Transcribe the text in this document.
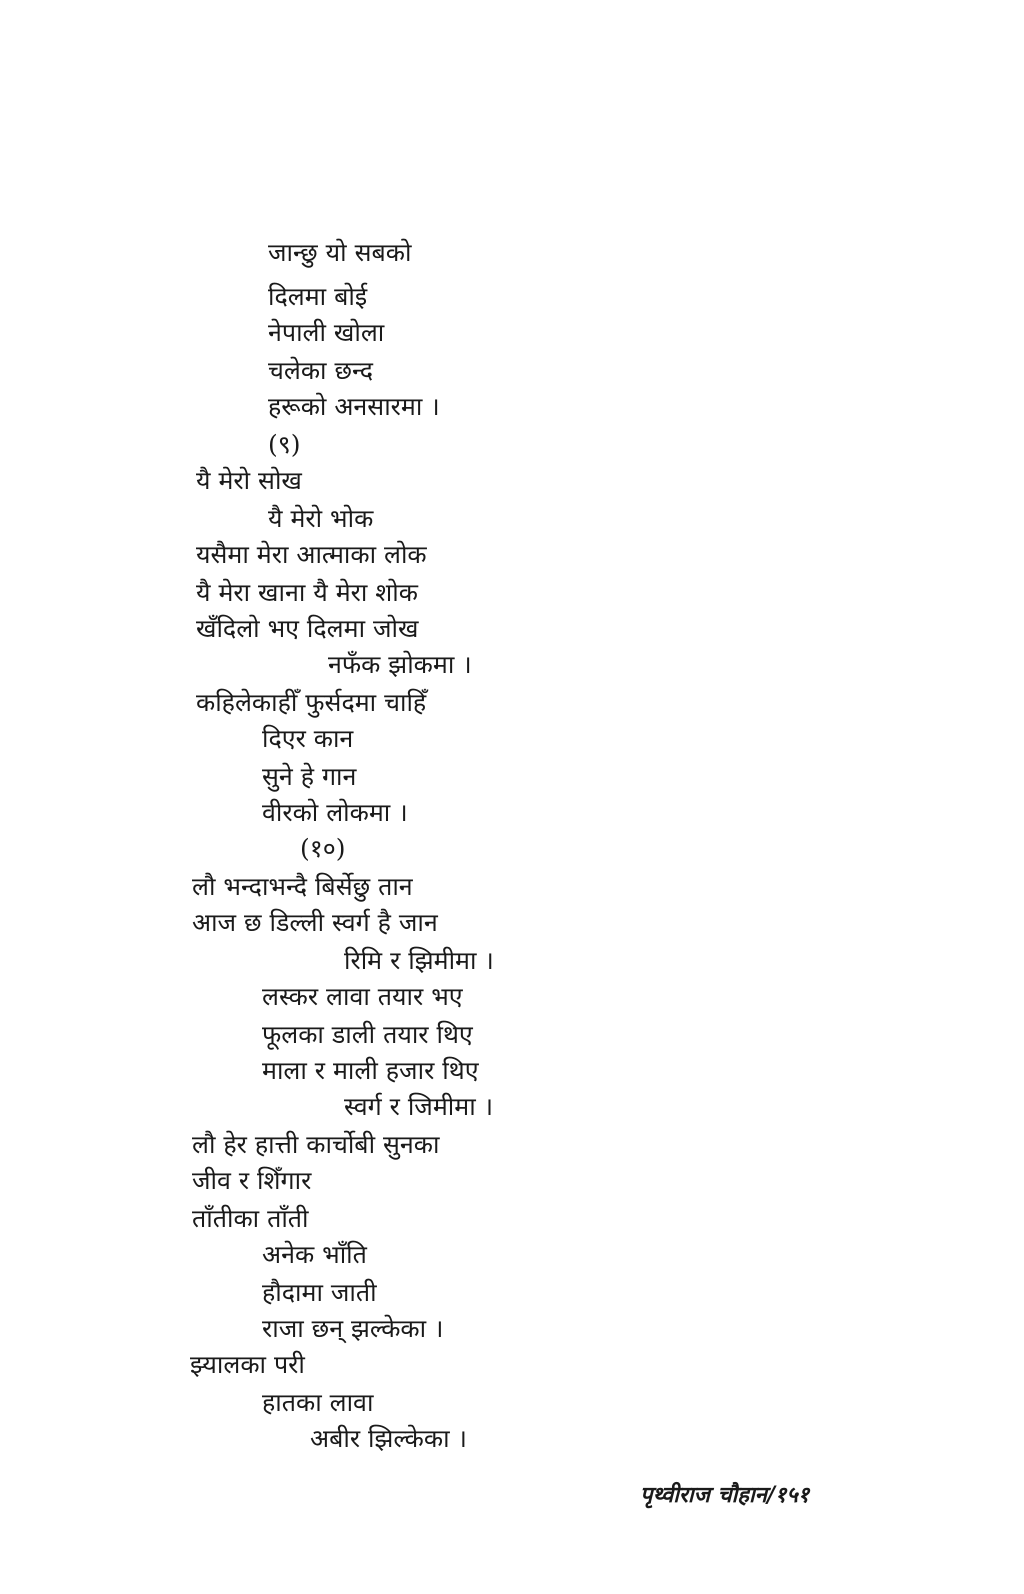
जान्छु यो सबको
दिलमा बोई
नेपाली खोला
चलेका छन्द
हरूको अनसारमा ।
(९)
यै मेरो सोख
यै मेरो भोक
यसैमा मेरा आत्माका लोक
यै मेरा खाना यै मेरा शोक
खँदिलो भए दिलमा जोख
नफँक झोकमा ।
कहिलेकाहीँ फुर्सदमा चाहिँ
दिएर कान
सुने हे गान
वीरको लोकमा ।
(१०)
लौ भन्दाभन्दै बिर्सेछु तान
आज छ डिल्ली स्वर्ग है जान
रिमि र झिमीमा ।
लस्कर लावा तयार भए
फूलका डाली तयार थिए
माला र माली हजार थिए
स्वर्ग र जिमीमा ।
लौ हेर हात्ती कार्चोबी सुनका
जीव र शिँगार
ताँतीका ताँती
अनेक भाँति
हौदामा जाती
राजा छन् झल्केका ।
झ्यालका परी
हातका लावा
अबीर झिल्केका ।
पृथ्वीराज चौहान/१५१
